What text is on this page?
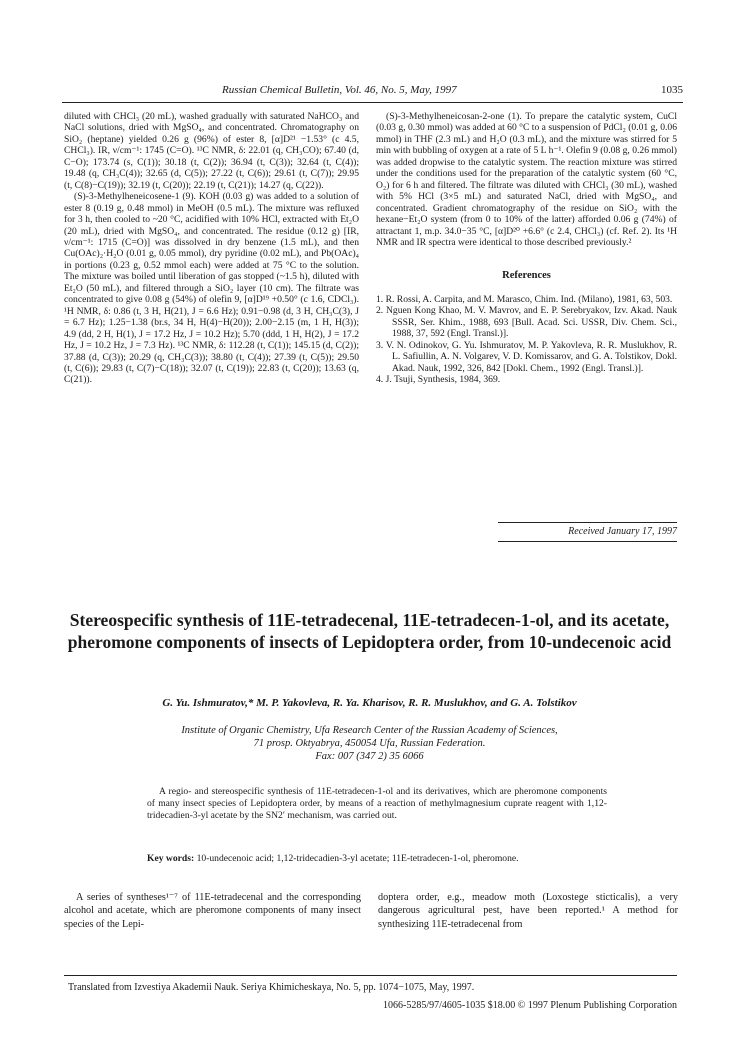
Russian Chemical Bulletin, Vol. 46, No. 5, May, 1997	1035

diluted with CHCl₃ (20 mL), washed gradually with saturated NaHCO₃ and NaCl solutions, dried with MgSO₄, and concentrated. Chromatography on SiO₂ (heptane) yielded 0.26 g (96%) of ester 8, [α]D²¹ −1.53° (c 4.5, CHCl₃). IR, ν/cm⁻¹: 1745 (C=O). ¹³C NMR, δ: 22.01 (q, CH₃CO); 67.40 (d, C−O); 173.74 (s, C(1)); 30.18 (t, C(2)); 36.94 (t, C(3)); 32.64 (t, C(4)); 19.48 (q, CH₃C(4)); 32.65 (d, C(5)); 27.22 (t, C(6)); 29.61 (t, C(7)); 29.95 (t, C(8)−C(19)); 32.19 (t, C(20)); 22.19 (t, C(21)); 14.27 (q, C(22)).

(S)-3-Methylheneicosene-1 (9). KOH (0.03 g) was added to a solution of ester 8 (0.19 g, 0.48 mmol) in MeOH (0.5 mL). The mixture was refluxed for 3 h, then cooled to ~20 °C, acidified with 10% HCl, extracted with Et₂O (20 mL), dried with MgSO₄, and concentrated. The residue (0.12 g) [IR, ν/cm⁻¹: 1715 (C=O)] was dissolved in dry benzene (1.5 mL), and then Cu(OAc)₂·H₂O (0.01 g, 0.05 mmol), dry pyridine (0.02 mL), and Pb(OAc)₄ in portions (0.23 g, 0.52 mmol each) were added at 75 °C to the solution. The mixture was boiled until liberation of gas stopped (~1.5 h), diluted with Et₂O (50 mL), and filtered through a SiO₂ layer (10 cm). The filtrate was concentrated to give 0.08 g (54%) of olefin 9, [α]D¹⁹ +0.50° (c 1.6, CDCl₃). ¹H NMR, δ: 0.86 (t, 3 H, H(21), J = 6.6 Hz); 0.91−0.98 (d, 3 H, CH₃C(3), J = 6.7 Hz); 1.25−1.38 (br.s, 34 H, H(4)−H(20)); 2.00−2.15 (m, 1 H, H(3)); 4.9 (dd, 2 H, H(1), J = 17.2 Hz, J = 10.2 Hz); 5.70 (ddd, 1 H, H(2), J = 17.2 Hz, J = 10.2 Hz, J = 7.3 Hz). ¹³C NMR, δ: 112.28 (t, C(1)); 145.15 (d, C(2)); 37.88 (d, C(3)); 20.29 (q, CH₃C(3)); 38.80 (t, C(4)); 27.39 (t, C(5)); 29.50 (t, C(6)); 29.83 (t, C(7)−C(18)); 32.07 (t, C(19)); 22.83 (t, C(20)); 13.63 (q, C(21)).

(S)-3-Methylheneicosan-2-one (1). To prepare the catalytic system, CuCl (0.03 g, 0.30 mmol) was added at 60 °C to a suspension of PdCl₂ (0.01 g, 0.06 mmol) in THF (2.3 mL) and H₂O (0.3 mL), and the mixture was stirred for 5 min with bubbling of oxygen at a rate of 5 L h⁻¹. Olefin 9 (0.08 g, 0.26 mmol) was added dropwise to the catalytic system. The reaction mixture was stirred under the conditions used for the preparation of the catalytic system (60 °C, O₂) for 6 h and filtered. The filtrate was diluted with CHCl₃ (30 mL), washed with 5% HCl (3×5 mL) and saturated NaCl, dried with MgSO₄, and concentrated. Gradient chromatography of the residue on SiO₂ with the hexane−Et₂O system (from 0 to 10% of the latter) afforded 0.06 g (74%) of attractant 1, m.p. 34.0−35 °C, [α]D²⁰ +6.6° (c 2.4, CHCl₃) (cf. Ref. 2). Its ¹H NMR and IR spectra were identical to those described previously.²

References
1. R. Rossi, A. Carpita, and M. Marasco, Chim. Ind. (Milano), 1981, 63, 503.
2. Nguen Kong Khao, M. V. Mavrov, and E. P. Serebryakov, Izv. Akad. Nauk SSSR, Ser. Khim., 1988, 693 [Bull. Acad. Sci. USSR, Div. Chem. Sci., 1988, 37, 592 (Engl. Transl.)].
3. V. N. Odinokov, G. Yu. Ishmuratov, M. P. Yakovleva, R. R. Muslukhov, R. L. Safiullin, A. N. Volgarev, V. D. Komissarov, and G. A. Tolstikov, Dokl. Akad. Nauk, 1992, 326, 842 [Dokl. Chem., 1992 (Engl. Transl.)].
4. J. Tsuji, Synthesis, 1984, 369.
Received January 17, 1997
Stereospecific synthesis of 11E-tetradecenal, 11E-tetradecen-1-ol, and its acetate, pheromone components of insects of Lepidoptera order, from 10-undecenoic acid
G. Yu. Ishmuratov,* M. P. Yakovleva, R. Ya. Kharisov, R. R. Muslukhov, and G. A. Tolstikov
Institute of Organic Chemistry, Ufa Research Center of the Russian Academy of Sciences,
71 prosp. Oktyabrya, 450054 Ufa, Russian Federation.
Fax: 007 (347 2) 35 6066

A regio- and stereospecific synthesis of 11E-tetradecen-1-ol and its derivatives, which are pheromone components of many insect species of Lepidoptera order, by means of a reaction of methylmagnesium cuprate reagent with 1,12-tridecadien-3-yl acetate by the SN2′ mechanism, was carried out.

Key words: 10-undecenoic acid; 1,12-tridecadien-3-yl acetate; 11E-tetradecen-1-ol, pheromone.
A series of syntheses¹⁻⁷ of 11E-tetradecenal and the corresponding alcohol and acetate, which are pheromone components of many insect species of the Lepi-
doptera order, e.g., meadow moth (Loxostege sticticalis), a very dangerous agricultural pest, have been reported.¹ A method for synthesizing 11E-tetradecenal from
Translated from Izvestiya Akademii Nauk. Seriya Khimicheskaya, No. 5, pp. 1074−1075, May, 1997.
1066-5285/97/4605-1035 $18.00 © 1997 Plenum Publishing Corporation
